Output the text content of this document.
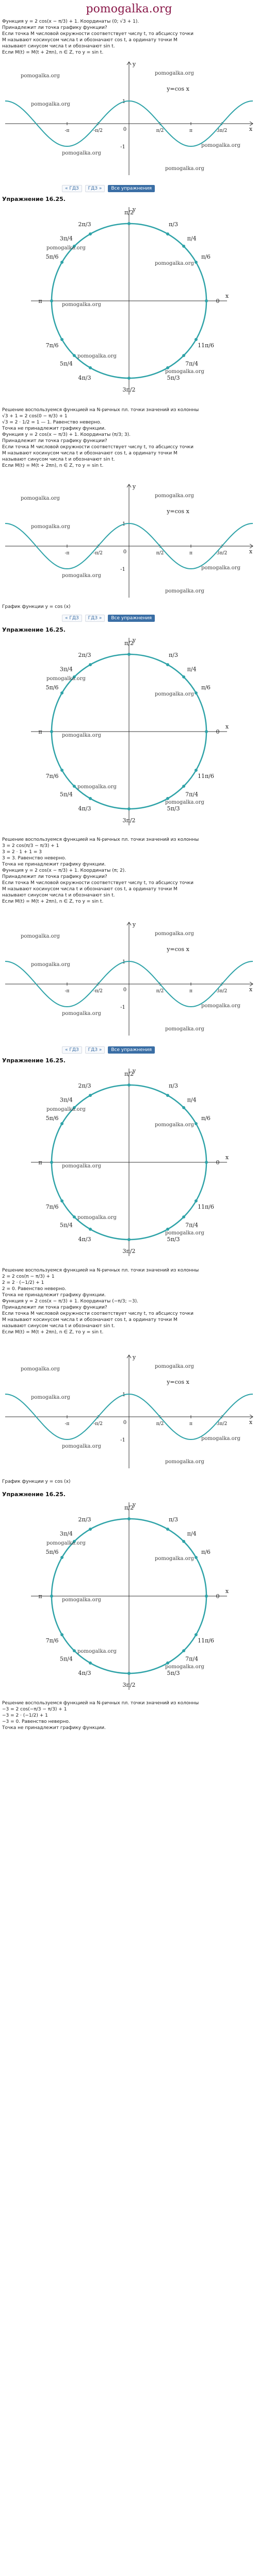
pomogalka.org
Функция y = 2 cos(x − π/3) + 1. Координаты (0; √3 + 1).
Принадлежит ли точка графику функции?
Если точка M числовой окружности соответствует числу t, то абсциссу точки
M называют косинусом числа t и обозначают cos t, а ординату точки M
называют синусом числа t и обозначают sin t.
Если M(t) = M(t + 2πn), n ∈ Z, то y = sin t.
x
y
0
1
-1
-π	-π/2	π/2	π	3π/2
y=cos x
pomogalka.org
pomogalka.org
pomogalka.org
pomogalka.org
pomogalka.org
pomogalka.org
« ГДЗ	ГДЗ »	Все упражнения
Упражнение 16.25.
x
y
0
π/6
π/4
π/3
π/2
2π/3
3π/4
5π/6
π
7π/6
5π/4
4π/3
3π/2
5π/3
7π/4
11π/6
pomogalka.org
pomogalka.org
pomogalka.org
pomogalka.org
pomogalka.org
Решение воспользуемся функцией на N-ричных пл. точки значений из колонны
√3 + 1 = 2 cos(0 − π/3) + 1
√3 = 2 · 1/2 = 1 — 1. Равенство неверно.
Точка не принадлежит графику функции.
Функция y = 2 cos(x − π/3) + 1. Координаты (π/3; 3).
Принадлежит ли точка графику функции?
Если точка M числовой окружности соответствует числу t, то абсциссу точки
M называют косинусом числа t и обозначают cos t, а ординату точки M
называют синусом числа t и обозначают sin t.
Если M(t) = M(t + 2πn), n ∈ Z, то y = sin t.
x
y
0
1
-1
-π	-π/2	π/2	π	3π/2
y=cos x
pomogalka.org
pomogalka.org
pomogalka.org
pomogalka.org
pomogalka.org
pomogalka.org
График функции y = cos (x)
« ГДЗ	ГДЗ »	Все упражнения
Упражнение 16.25.
x
y
0
π/6
π/4
π/3
π/2
2π/3
3π/4
5π/6
π
7π/6
5π/4
4π/3
3π/2
5π/3
7π/4
11π/6
pomogalka.org
pomogalka.org
pomogalka.org
pomogalka.org
pomogalka.org
Решение воспользуемся функцией на N-ричных пл. точки значений из колонны
3 = 2 cos(π/3 − π/3) + 1
3 = 2 · 1 + 1 = 3
3 = 3. Равенство неверно.
Точка не принадлежит графику функции.
Функция y = 2 cos(x − π/3) + 1. Координаты (π; 2).
Принадлежит ли точка графику функции?
Если точка M числовой окружности соответствует числу t, то абсциссу точки
M называют косинусом числа t и обозначают cos t, а ординату точки M
называют синусом числа t и обозначают sin t.
Если M(t) = M(t + 2πn), n ∈ Z, то y = sin t.
x
y
0
1
-1
-π	-π/2	π/2	π	3π/2
y=cos x
pomogalka.org
pomogalka.org
pomogalka.org
pomogalka.org
pomogalka.org
pomogalka.org
« ГДЗ	ГДЗ »	Все упражнения
Упражнение 16.25.
x
y
0
π/6
π/4
π/3
π/2
2π/3
3π/4
5π/6
π
7π/6
5π/4
4π/3
3π/2
5π/3
7π/4
11π/6
pomogalka.org
pomogalka.org
pomogalka.org
pomogalka.org
pomogalka.org
Решение воспользуемся функцией на N-ричных пл. точки значений из колонны
2 = 2 cos(π − π/3) + 1
2 = 2 · (−1/2) + 1
2 = 0. Равенство неверно.
Точка не принадлежит графику функции.
Функция y = 2 cos(x − π/3) + 1. Координаты (−π/3; −3).
Принадлежит ли точка графику функции?
Если точка M числовой окружности соответствует числу t, то абсциссу точки
M называют косинусом числа t и обозначают cos t, а ординату точки M
называют синусом числа t и обозначают sin t.
Если M(t) = M(t + 2πn), n ∈ Z, то y = sin t.
x
y
0
1
-1
-π	-π/2	π/2	π	3π/2
y=cos x
pomogalka.org
pomogalka.org
pomogalka.org
pomogalka.org
pomogalka.org
pomogalka.org
График функции y = cos (x)
Упражнение 16.25.
x
y
0
π/6
π/4
π/3
π/2
2π/3
3π/4
5π/6
π
7π/6
5π/4
4π/3
3π/2
5π/3
7π/4
11π/6
pomogalka.org
pomogalka.org
pomogalka.org
pomogalka.org
pomogalka.org
Решение воспользуемся функцией на N-ричных пл. точки значений из колонны
−3 = 2 cos(−π/3 − π/3) + 1
−3 = 2 · (−1/2) + 1
−3 = 0. Равенство неверно.
Точка не принадлежит графику функции.
